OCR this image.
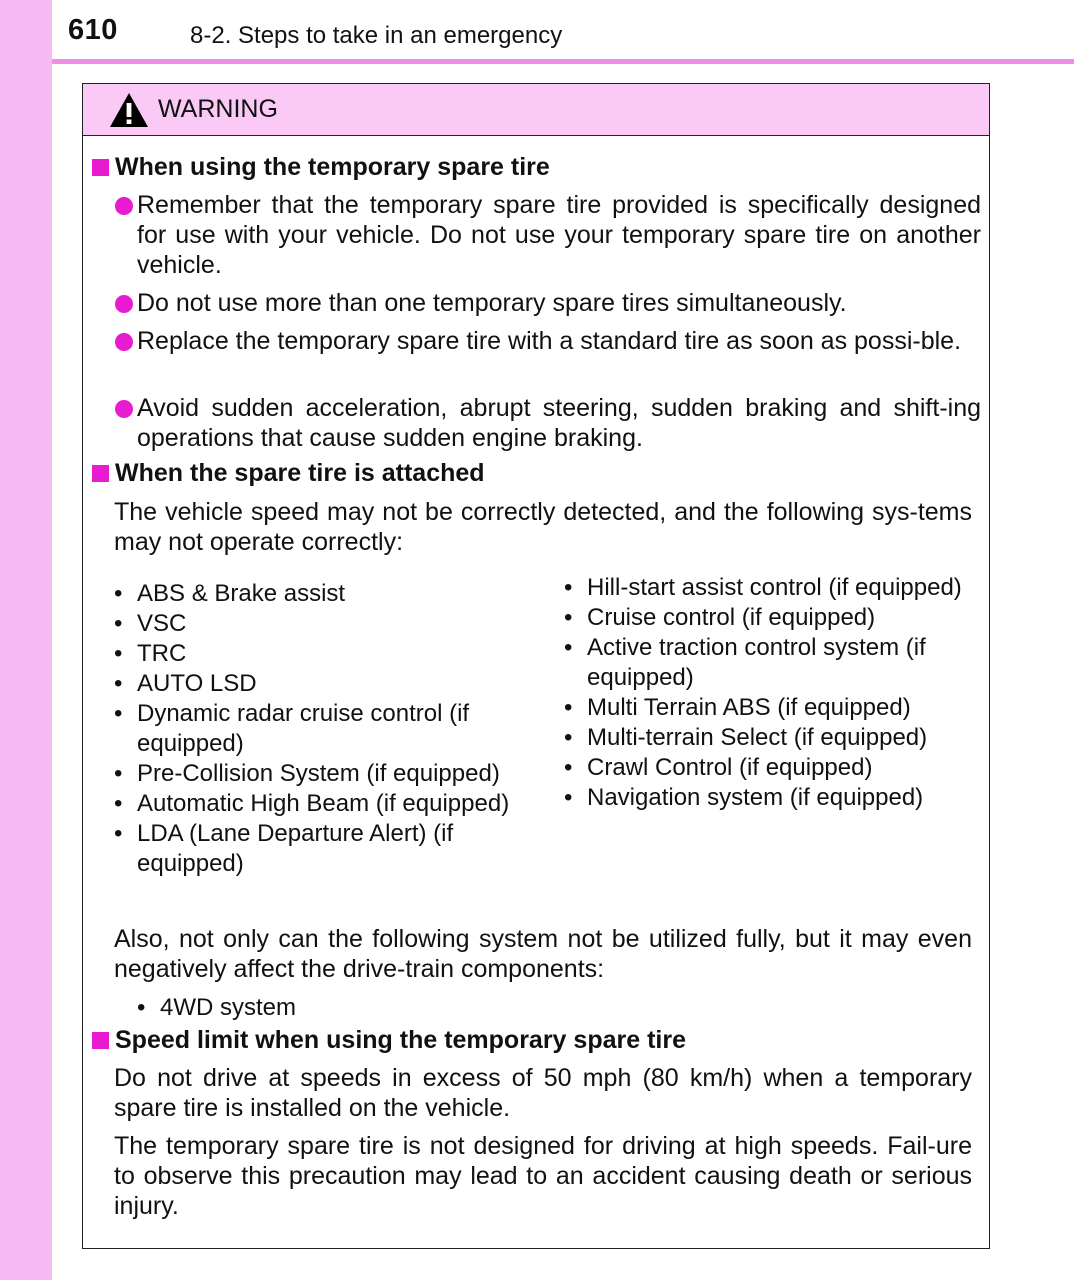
610	8-2. Steps to take in an emergency
WARNING
When using the temporary spare tire
Remember that the temporary spare tire provided is specifically designed for use with your vehicle. Do not use your temporary spare tire on another vehicle.
Do not use more than one temporary spare tires simultaneously.
Replace the temporary spare tire with a standard tire as soon as possi-ble.
Avoid sudden acceleration, abrupt steering, sudden braking and shift-ing operations that cause sudden engine braking.
When the spare tire is attached
The vehicle speed may not be correctly detected, and the following sys-tems may not operate correctly:
• ABS & Brake assist
• VSC
• TRC
• AUTO LSD
• Dynamic radar cruise control (if equipped)
• Pre-Collision System (if equipped)
• Automatic High Beam (if equipped)
• LDA (Lane Departure Alert) (if equipped)
• Hill-start assist control (if equipped)
• Cruise control (if equipped)
• Active traction control system (if equipped)
• Multi Terrain ABS (if equipped)
• Multi-terrain Select (if equipped)
• Crawl Control (if equipped)
• Navigation system (if equipped)
Also, not only can the following system not be utilized fully, but it may even negatively affect the drive-train components:
• 4WD system
Speed limit when using the temporary spare tire
Do not drive at speeds in excess of 50 mph (80 km/h) when a temporary spare tire is installed on the vehicle.
The temporary spare tire is not designed for driving at high speeds. Fail-ure to observe this precaution may lead to an accident causing death or serious injury.
